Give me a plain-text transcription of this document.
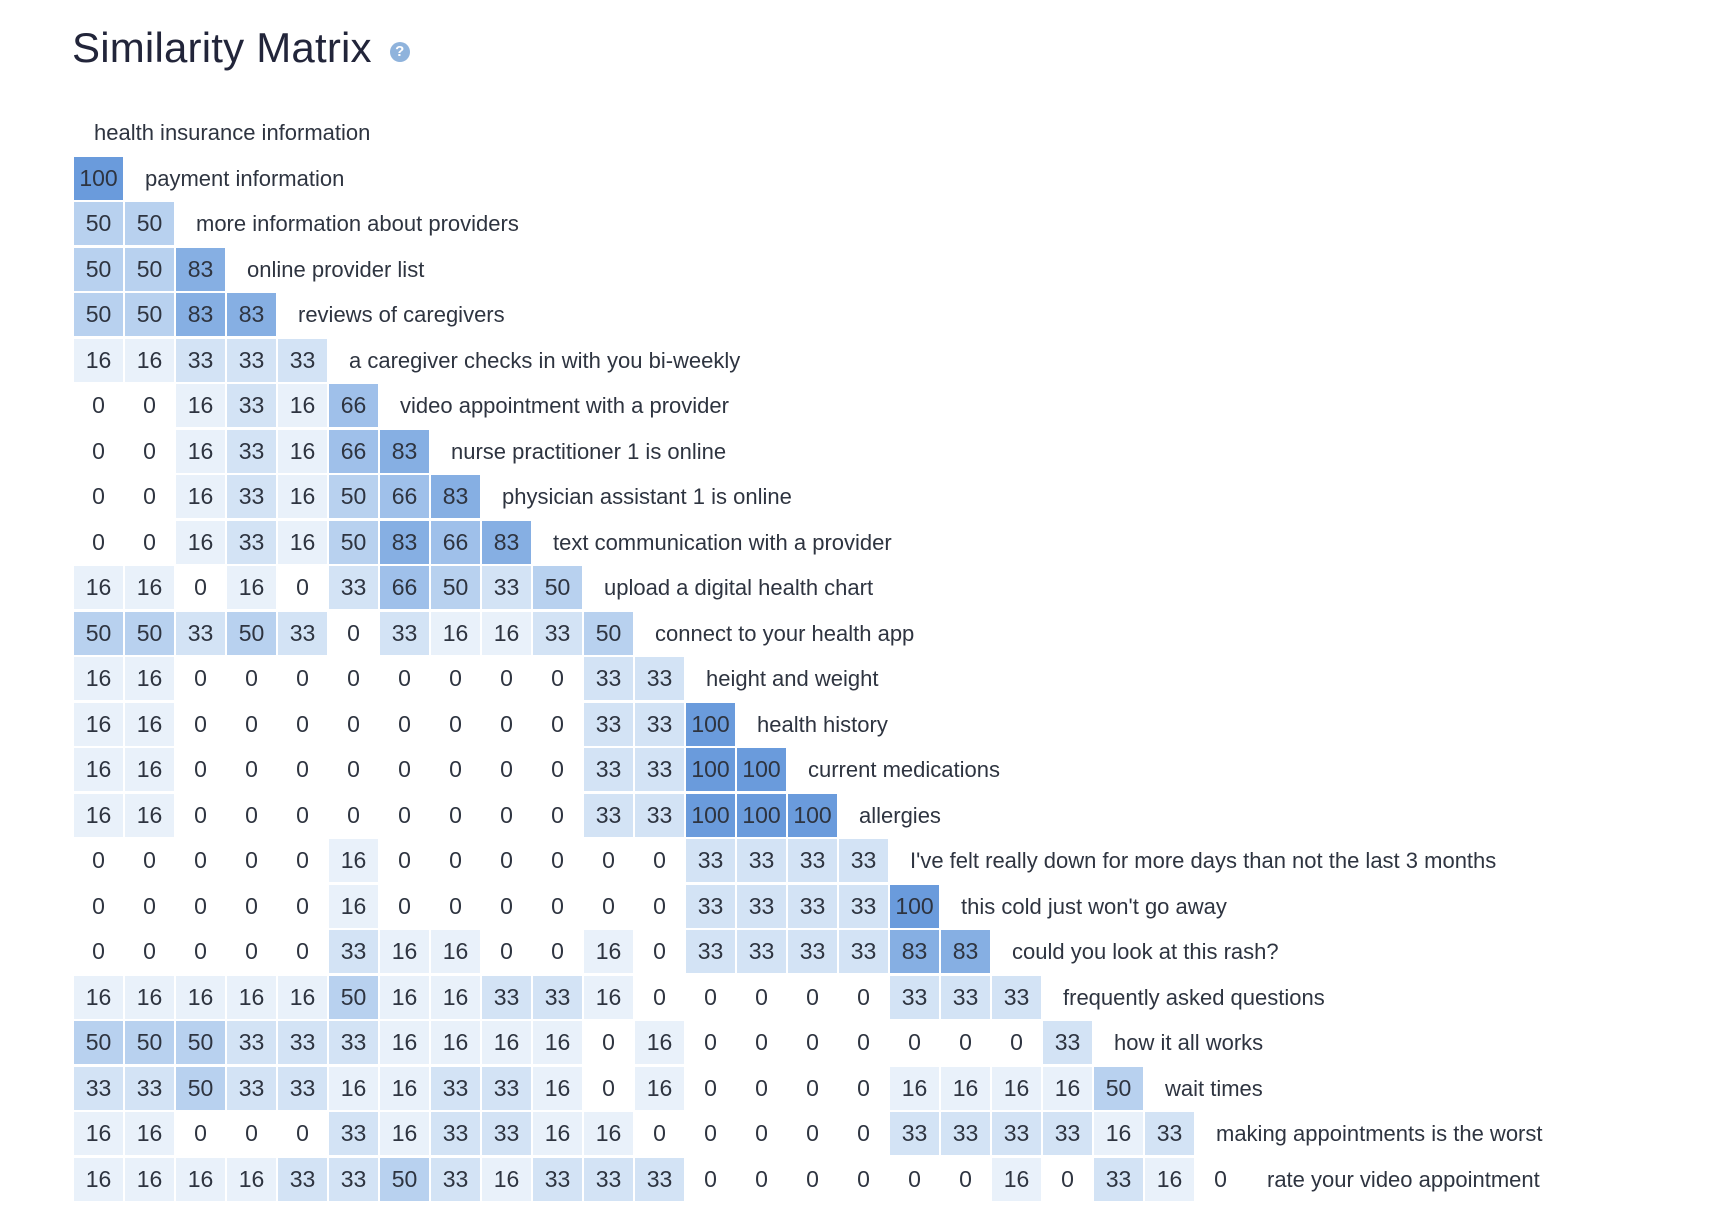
Similarity Matrix	?
health insurance information
100 payment information
50	50	more information about providers
50	50	83	online provider list
50	50	83	83	reviews of caregivers
16	16	33	33	33	a caregiver checks in with you bi-weekly
0	0	16	33	16	66	video appointment with a provider
0	0	16	33	16	66	83	nurse practitioner 1 is online
0	0	16	33	16	50	66	83	physician assistant 1 is online
0	0	16	33	16	50	83	66	83	text communication with a provider
16	16	0	16	0	33	66	50	33	50	upload a digital health chart
50	50	33	50	33	0	33	16	16	33	50	connect to your health app
16	16	0	0	0	0	0	0	0	0	33	33	height and weight
16	16	0	0	0	0	0	0	0	0	33	33 100 health history
16	16	0	0	0	0	0	0	0	0	33	33 100 100 current medications
16	16	0	0	0	0	0	0	0	0	33	33 100 100 100 allergies
0	0	0	0	0	16	0	0	0	0	0	0	33	33	33	33	I've felt really down for more days than not the last 3 months
0	0	0	0	0	16	0	0	0	0	0	0	33	33	33	33 100 this cold just won't go away
0	0	0	0	0	33	16	16	0	0	16	0	33	33	33	33	83	83	could you look at this rash?
16	16	16	16	16	50	16	16	33	33	16	0	0	0	0	0	33	33	33	frequently asked questions
50	50	50	33	33	33	16	16	16	16	0	16	0	0	0	0	0	0	0	33	how it all works
33	33	50	33	33	16	16	33	33	16	0	16	0	0	0	0	16	16	16	16	50	wait times
16	16	0	0	0	33	16	33	33	16	16	0	0	0	0	0	33	33	33	33	16	33	making appointments is the worst
16	16	16	16	33	33	50	33	16	33	33	33	0	0	0	0	0	0	16	0	33	16	0	rate your video appointment
